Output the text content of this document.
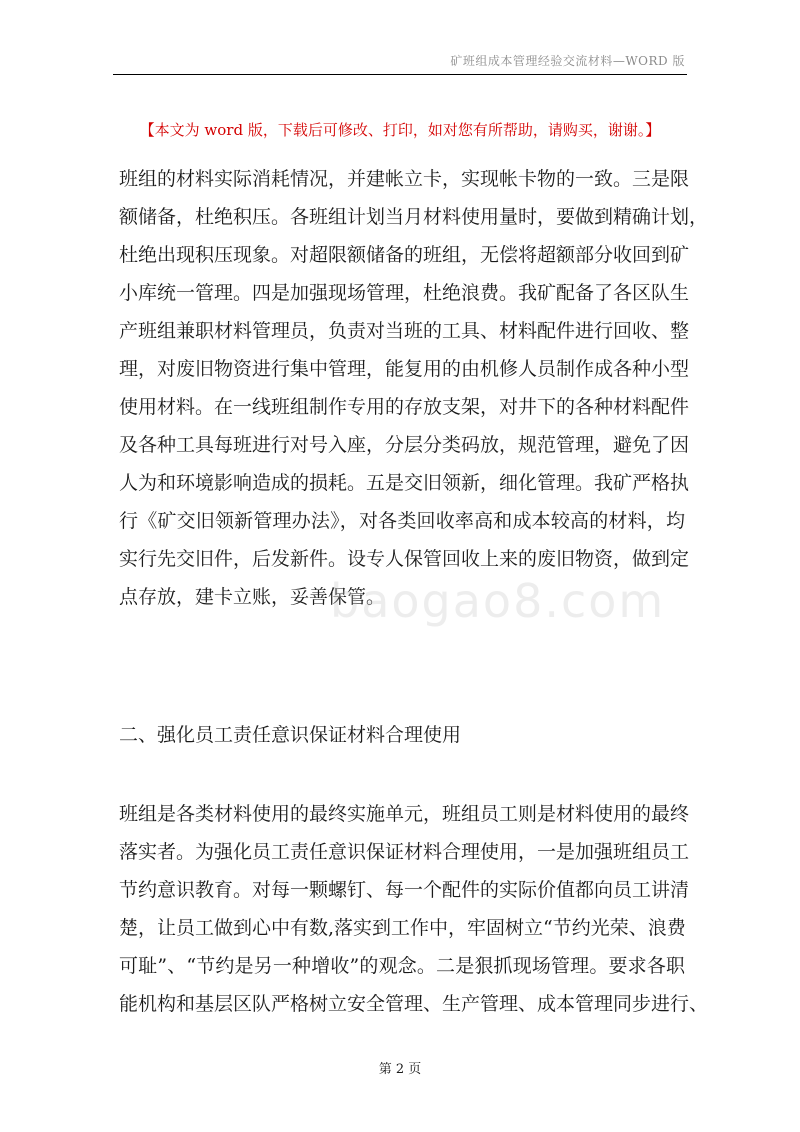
矿班组成本管理经验交流材料—WORD 版
【本文为 word 版，下载后可修改、打印，如对您有所帮助，请购买，谢谢。】
班组的材料实际消耗情况，并建帐立卡，实现帐卡物的一致。三是限
额储备，杜绝积压。各班组计划当月材料使用量时，要做到精确计划，
杜绝出现积压现象。对超限额储备的班组，无偿将超额部分收回到矿
小库统一管理。四是加强现场管理，杜绝浪费。我矿配备了各区队生
产班组兼职材料管理员，负责对当班的工具、材料配件进行回收、整
理，对废旧物资进行集中管理，能复用的由机修人员制作成各种小型
使用材料。在一线班组制作专用的存放支架，对井下的各种材料配件
及各种工具每班进行对号入座，分层分类码放，规范管理，避免了因
人为和环境影响造成的损耗。五是交旧领新，细化管理。我矿严格执
行《矿交旧领新管理办法》，对各类回收率高和成本较高的材料，均
实行先交旧件，后发新件。设专人保管回收上来的废旧物资，做到定
点存放，建卡立账，妥善保管。
baogao8.com
二、强化员工责任意识保证材料合理使用
班组是各类材料使用的最终实施单元，班组员工则是材料使用的最终
落实者。为强化员工责任意识保证材料合理使用，一是加强班组员工
节约意识教育。对每一颗螺钉、每一个配件的实际价值都向员工讲清
楚，让员工做到心中有数,落实到工作中，牢固树立“节约光荣、浪费
可耻”、“节约是另一种增收”的观念。二是狠抓现场管理。要求各职
能机构和基层区队严格树立安全管理、生产管理、成本管理同步进行、
第 2 页
